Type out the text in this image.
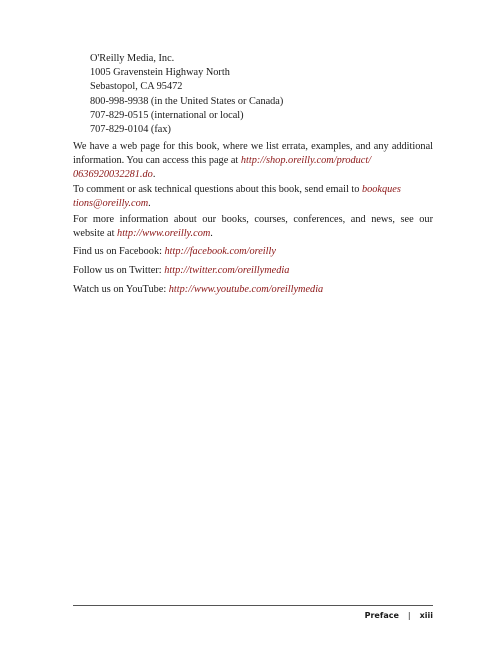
O'Reilly Media, Inc.
1005 Gravenstein Highway North
Sebastopol, CA 95472
800-998-9938 (in the United States or Canada)
707-829-0515 (international or local)
707-829-0104 (fax)

We have a web page for this book, where we list errata, examples, and any additional information. You can access this page at http://shop.oreilly.com/product/
0636920032281.do.

To comment or ask technical questions about this book, send email to bookques
tions@oreilly.com.

For more information about our books, courses, conferences, and news, see our website at http://www.oreilly.com.

Find us on Facebook: http://facebook.com/oreilly
Follow us on Twitter: http://twitter.com/oreillymedia
Watch us on YouTube: http://www.youtube.com/oreillymedia
Preface | xiii
